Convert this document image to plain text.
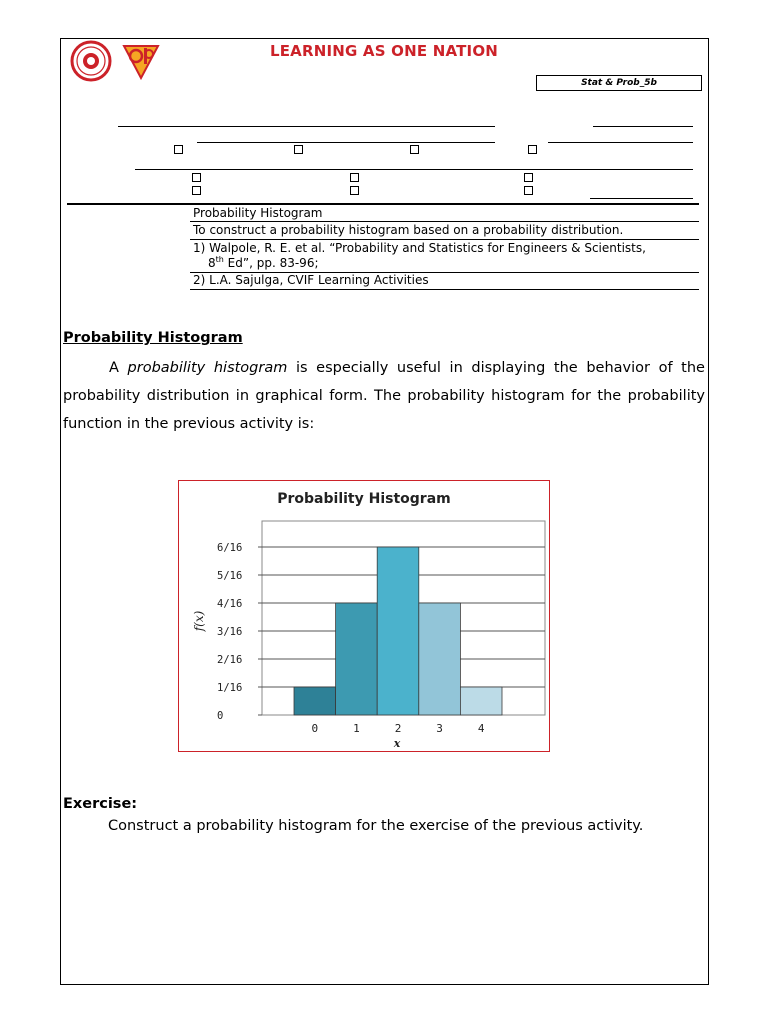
LEARNING AS ONE NATION
Stat & Prob_5b
Probability Histogram
To construct a probability histogram based on a probability distribution.
1) Walpole, R. E. et al. “Probability and Statistics for Engineers & Scientists,
8th Ed”, pp. 83-96;
2) L.A. Sajulga, CVIF Learning Activities
Probability Histogram
A probability histogram is especially useful in displaying the behavior of the probability distribution in graphical form. The probability histogram for the probability function in the previous activity is:
Probability Histogram
0
1/16
2/16
3/16
4/16
5/16
6/16
0	1	2	3	4
x
f(x)
Exercise:
Construct a probability histogram for the exercise of the previous activity.
